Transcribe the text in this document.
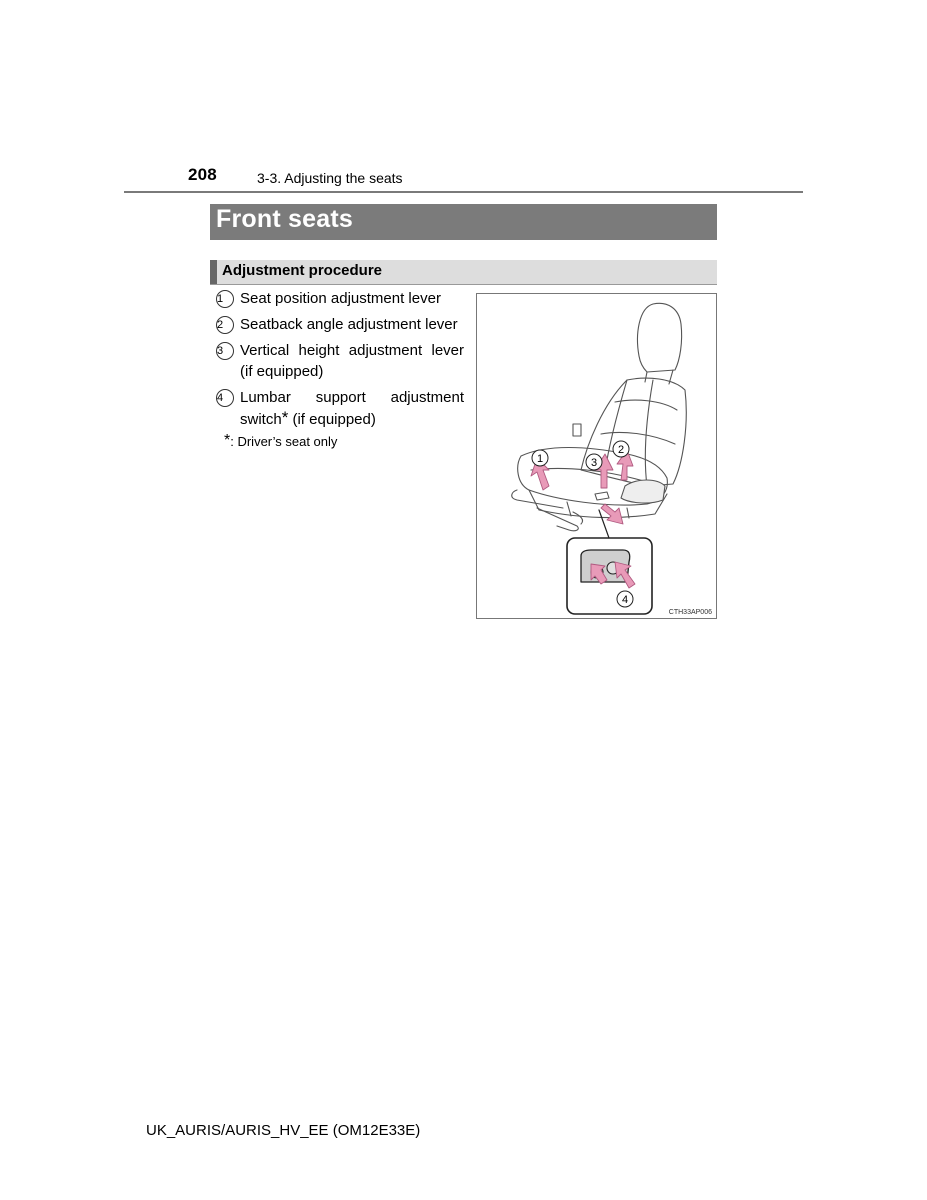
208	3-3. Adjusting the seats
Front seats
Adjustment procedure
1	Seat position adjustment lever
2	Seatback angle adjustment lever
3	Vertical height adjustment lever (if equipped)
4	Lumbar support adjustment switch* (if equipped)
*: Driver’s seat only
1
2
3
4
CTH33AP006
UK_AURIS/AURIS_HV_EE (OM12E33E)
